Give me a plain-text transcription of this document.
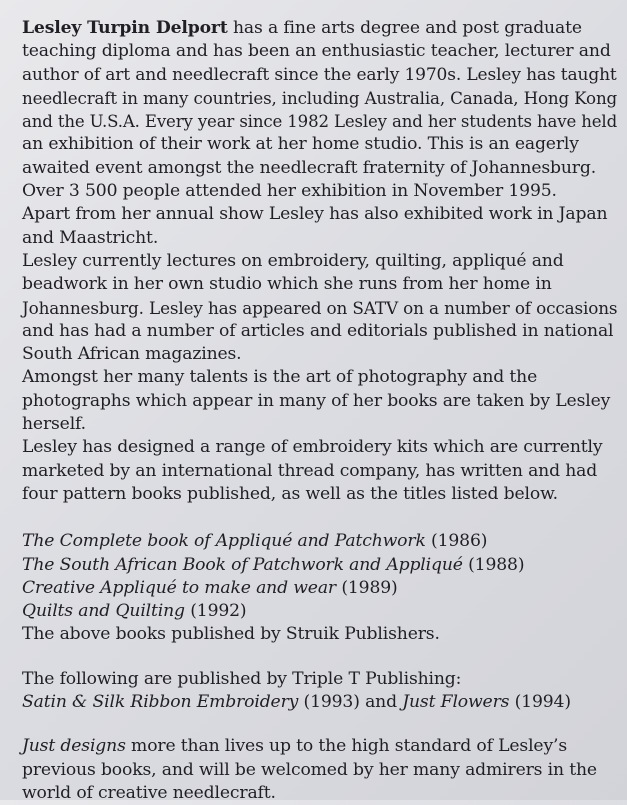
Lesley Turpin Delport has a fine arts degree and post graduate
teaching diploma and has been an enthusiastic teacher, lecturer and
author of art and needlecraft since the early 1970s. Lesley has taught
needlecraft in many countries, including Australia, Canada, Hong Kong
and the U.S.A. Every year since 1982 Lesley and her students have held
an exhibition of their work at her home studio. This is an eagerly
awaited event amongst the needlecraft fraternity of Johannesburg.
Over 3 500 people attended her exhibition in November 1995.
Apart from her annual show Lesley has also exhibited work in Japan
and Maastricht.
Lesley currently lectures on embroidery, quilting, appliqué and
beadwork in her own studio which she runs from her home in
Johannesburg. Lesley has appeared on SATV on a number of occasions
and has had a number of articles and editorials published in national
South African magazines.
Amongst her many talents is the art of photography and the
photographs which appear in many of her books are taken by Lesley
herself.
Lesley has designed a range of embroidery kits which are currently
marketed by an international thread company, has written and had
four pattern books published, as well as the titles listed below.
The Complete book of Appliqué and Patchwork (1986)
The South African Book of Patchwork and Appliqué (1988)
Creative Appliqué to make and wear (1989)
Quilts and Quilting (1992)
The above books published by Struik Publishers.
The following are published by Triple T Publishing:
Satin & Silk Ribbon Embroidery (1993) and Just Flowers (1994)
Just designs more than lives up to the high standard of Lesley’s
previous books, and will be welcomed by her many admirers in the
world of creative needlecraft.
